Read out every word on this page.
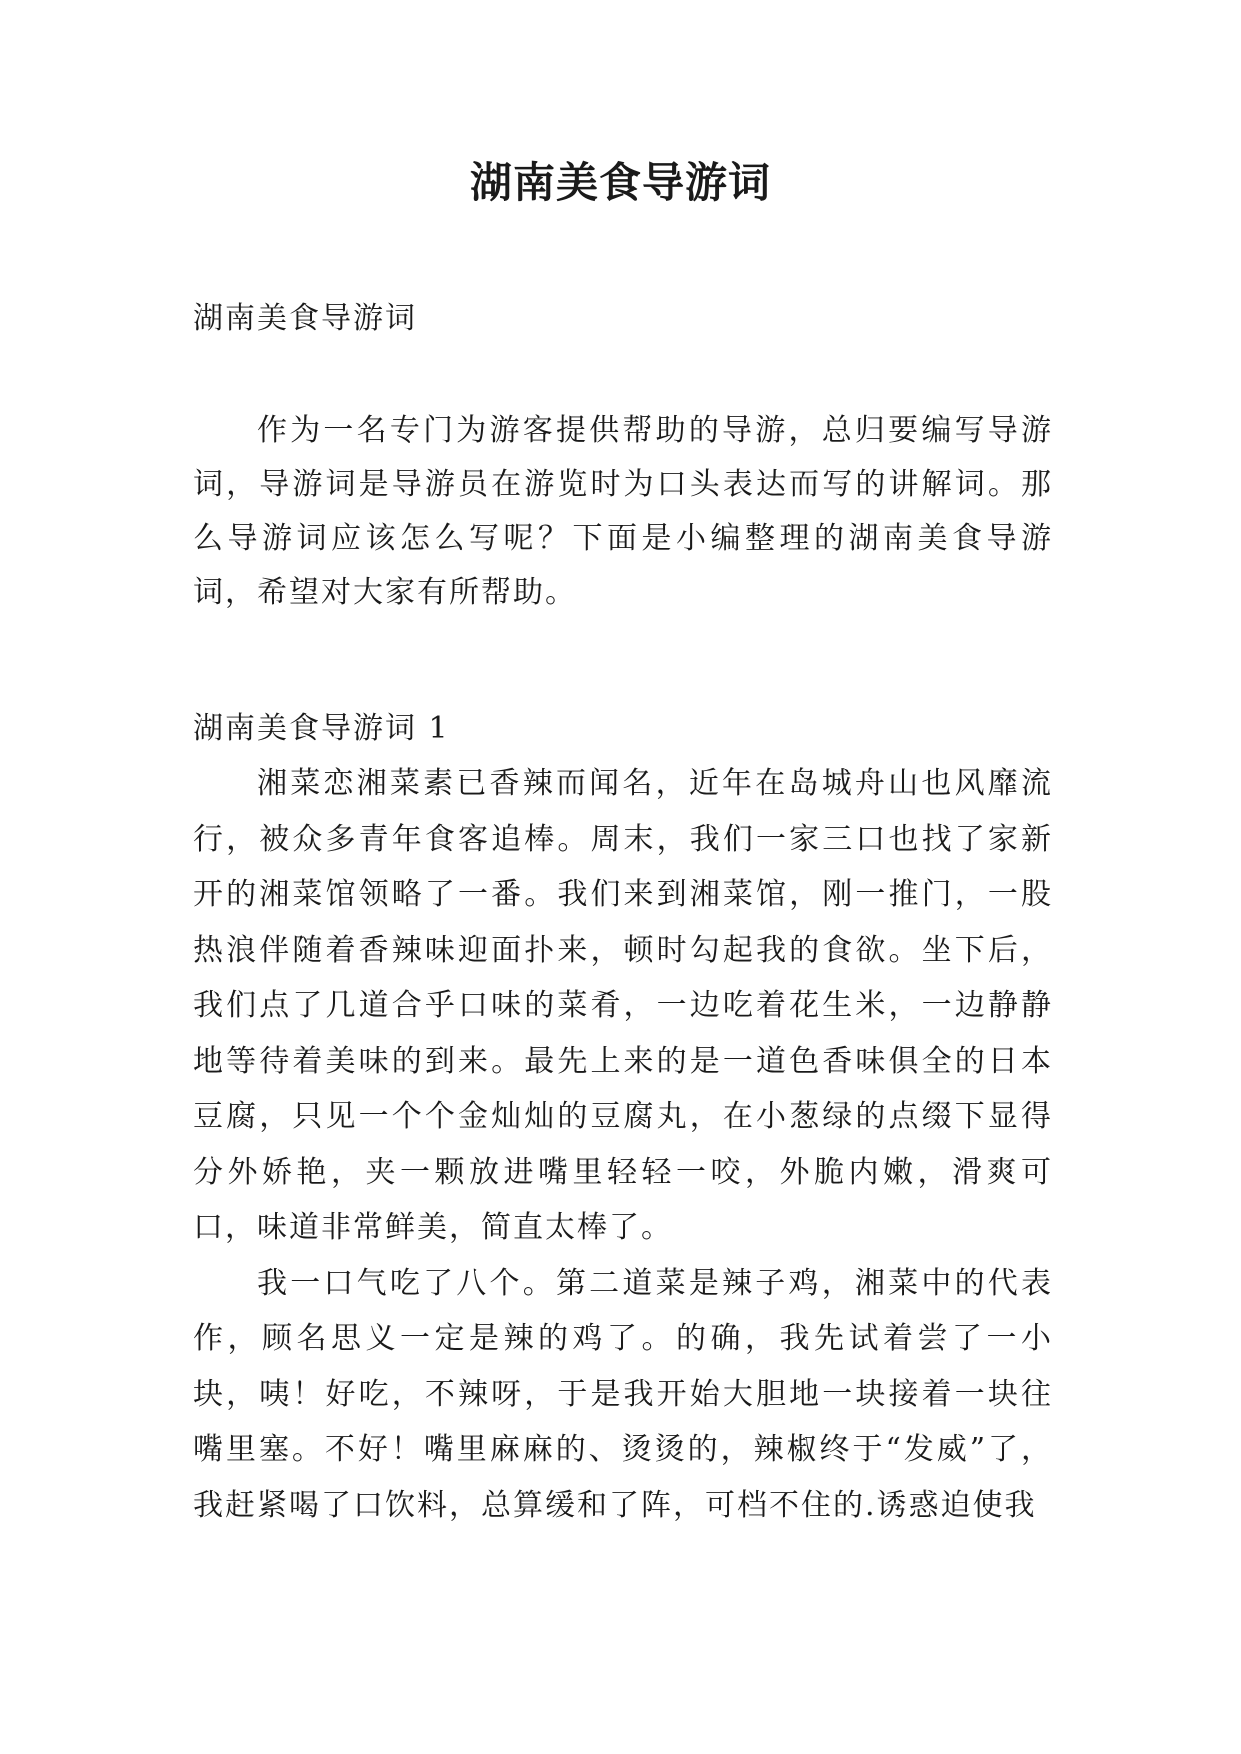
湖南美食导游词

湖南美食导游词

作为一名专门为游客提供帮助的导游，总归要编写导游词，导游词是导游员在游览时为口头表达而写的讲解词。那么导游词应该怎么写呢？下面是小编整理的湖南美食导游词，希望对大家有所帮助。

湖南美食导游词 1

湘菜恋湘菜素已香辣而闻名，近年在岛城舟山也风靡流行，被众多青年食客追棒。周末，我们一家三口也找了家新开的湘菜馆领略了一番。我们来到湘菜馆，刚一推门，一股热浪伴随着香辣味迎面扑来，顿时勾起我的食欲。坐下后，我们点了几道合乎口味的菜肴，一边吃着花生米，一边静静地等待着美味的到来。最先上来的是一道色香味俱全的日本豆腐，只见一个个金灿灿的豆腐丸，在小葱绿的点缀下显得分外娇艳，夹一颗放进嘴里轻轻一咬，外脆内嫩，滑爽可口，味道非常鲜美，简直太棒了。

我一口气吃了八个。第二道菜是辣子鸡，湘菜中的代表作，顾名思义一定是辣的鸡了。的确，我先试着尝了一小块，咦！好吃，不辣呀，于是我开始大胆地一块接着一块往嘴里塞。不好！嘴里麻麻的、烫烫的，辣椒终于“发威”了，我赶紧喝了口饮料，总算缓和了阵，可档不住的.诱惑迫使我
